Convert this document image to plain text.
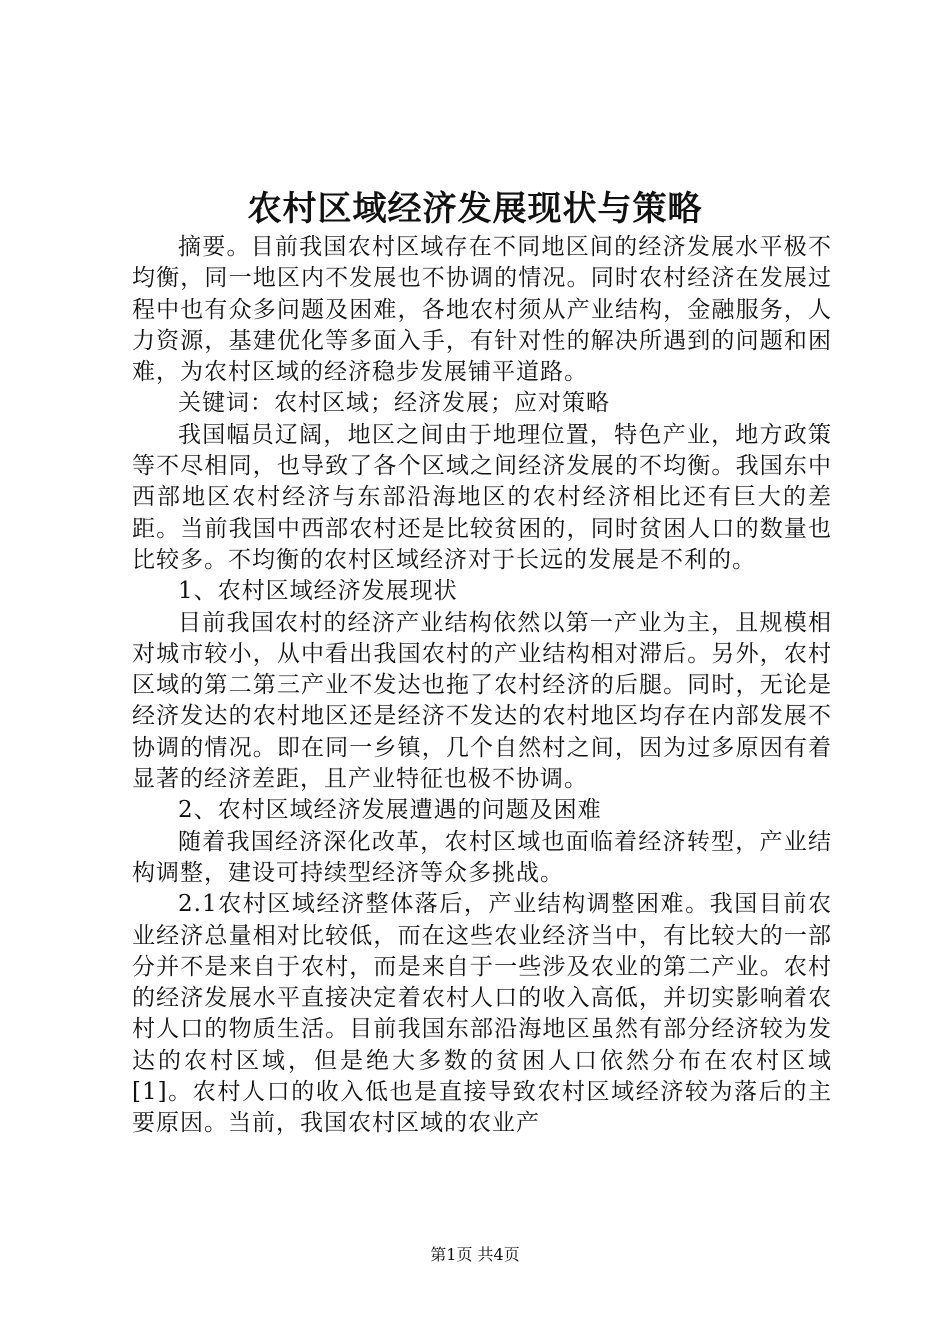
农村区域经济发展现状与策略

摘要。目前我国农村区域存在不同地区间的经济发展水平极不均衡，同一地区内不发展也不协调的情况。同时农村经济在发展过程中也有众多问题及困难，各地农村须从产业结构，金融服务，人力资源，基建优化等多面入手，有针对性的解决所遇到的问题和困难，为农村区域的经济稳步发展铺平道路。

关键词：农村区域；经济发展；应对策略

我国幅员辽阔，地区之间由于地理位置，特色产业，地方政策等不尽相同，也导致了各个区域之间经济发展的不均衡。我国东中西部地区农村经济与东部沿海地区的农村经济相比还有巨大的差距。当前我国中西部农村还是比较贫困的，同时贫困人口的数量也比较多。不均衡的农村区域经济对于长远的发展是不利的。

1、农村区域经济发展现状

目前我国农村的经济产业结构依然以第一产业为主，且规模相对城市较小，从中看出我国农村的产业结构相对滞后。另外，农村区域的第二第三产业不发达也拖了农村经济的后腿。同时，无论是经济发达的农村地区还是经济不发达的农村地区均存在内部发展不协调的情况。即在同一乡镇，几个自然村之间，因为过多原因有着显著的经济差距，且产业特征也极不协调。

2、农村区域经济发展遭遇的问题及困难

随着我国经济深化改革，农村区域也面临着经济转型，产业结构调整，建设可持续型经济等众多挑战。

2.1农村区域经济整体落后，产业结构调整困难。我国目前农业经济总量相对比较低，而在这些农业经济当中，有比较大的一部分并不是来自于农村，而是来自于一些涉及农业的第二产业。农村的经济发展水平直接决定着农村人口的收入高低，并切实影响着农村人口的物质生活。目前我国东部沿海地区虽然有部分经济较为发达的农村区域，但是绝大多数的贫困人口依然分布在农村区域[1]。农村人口的收入低也是直接导致农村区域经济较为落后的主要原因。当前，我国农村区域的农业产

第1页 共4页
